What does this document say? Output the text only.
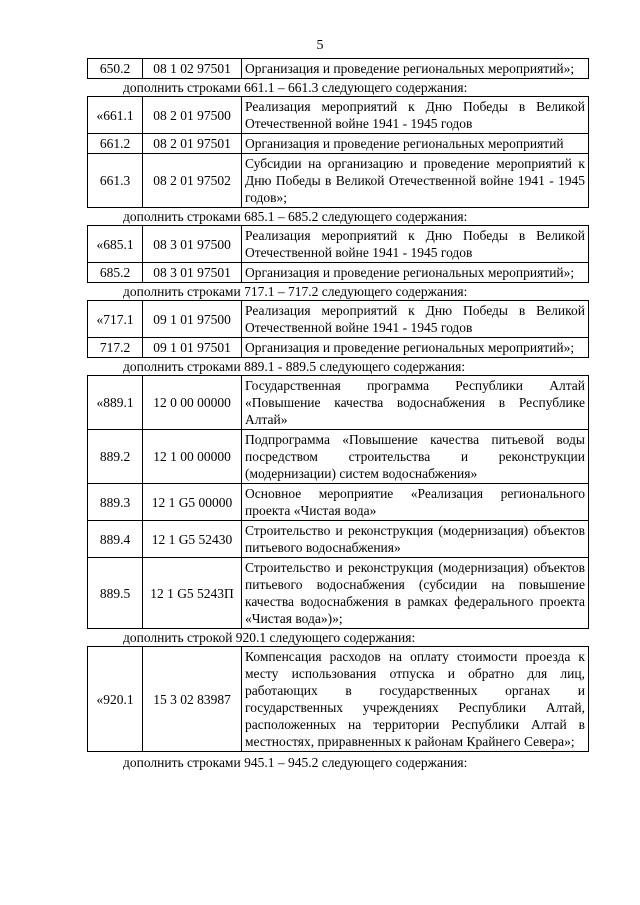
5
650.2	08 1 02 97501	Организация и проведение региональных мероприятий»;
дополнить строками 661.1 – 661.3 следующего содержания:
«661.1	08 2 01 97500	Реализация мероприятий к Дню Победы в Великой Отечественной войне 1941 - 1945 годов
661.2	08 2 01 97501	Организация и проведение региональных мероприятий
661.3	08 2 01 97502	Субсидии на организацию и проведение мероприятий к Дню Победы в Великой Отечественной войне 1941 - 1945 годов»;
дополнить строками 685.1 – 685.2 следующего содержания:
«685.1	08 3 01 97500	Реализация мероприятий к Дню Победы в Великой Отечественной войне 1941 - 1945 годов
685.2	08 3 01 97501	Организация и проведение региональных мероприятий»;
дополнить строками 717.1 – 717.2 следующего содержания:
«717.1	09 1 01 97500	Реализация мероприятий к Дню Победы в Великой Отечественной войне 1941 - 1945 годов
717.2	09 1 01 97501	Организация и проведение региональных мероприятий»;
дополнить строками 889.1 - 889.5 следующего содержания:
«889.1	12 0 00 00000	Государственная программа Республики Алтай «Повышение качества водоснабжения в Республике Алтай»
889.2	12 1 00 00000	Подпрограмма «Повышение качества питьевой воды посредством строительства и реконструкции (модернизации) систем водоснабжения»
889.3	12 1 G5 00000	Основное мероприятие «Реализация регионального проекта «Чистая вода»
889.4	12 1 G5 52430	Строительство и реконструкция (модернизация) объектов питьевого водоснабжения»
889.5	12 1 G5 5243П	Строительство и реконструкция (модернизация) объектов питьевого водоснабжения (субсидии на повышение качества водоснабжения в рамках федерального проекта «Чистая вода»)»;
дополнить строкой 920.1 следующего содержания:
«920.1	15 3 02 83987	Компенсация расходов на оплату стоимости проезда к месту использования отпуска и обратно для лиц, работающих в государственных органах и государственных учреждениях Республики Алтай, расположенных на территории Республики Алтай в местностях, приравненных к районам Крайнего Севера»;
дополнить строками 945.1 – 945.2 следующего содержания:
